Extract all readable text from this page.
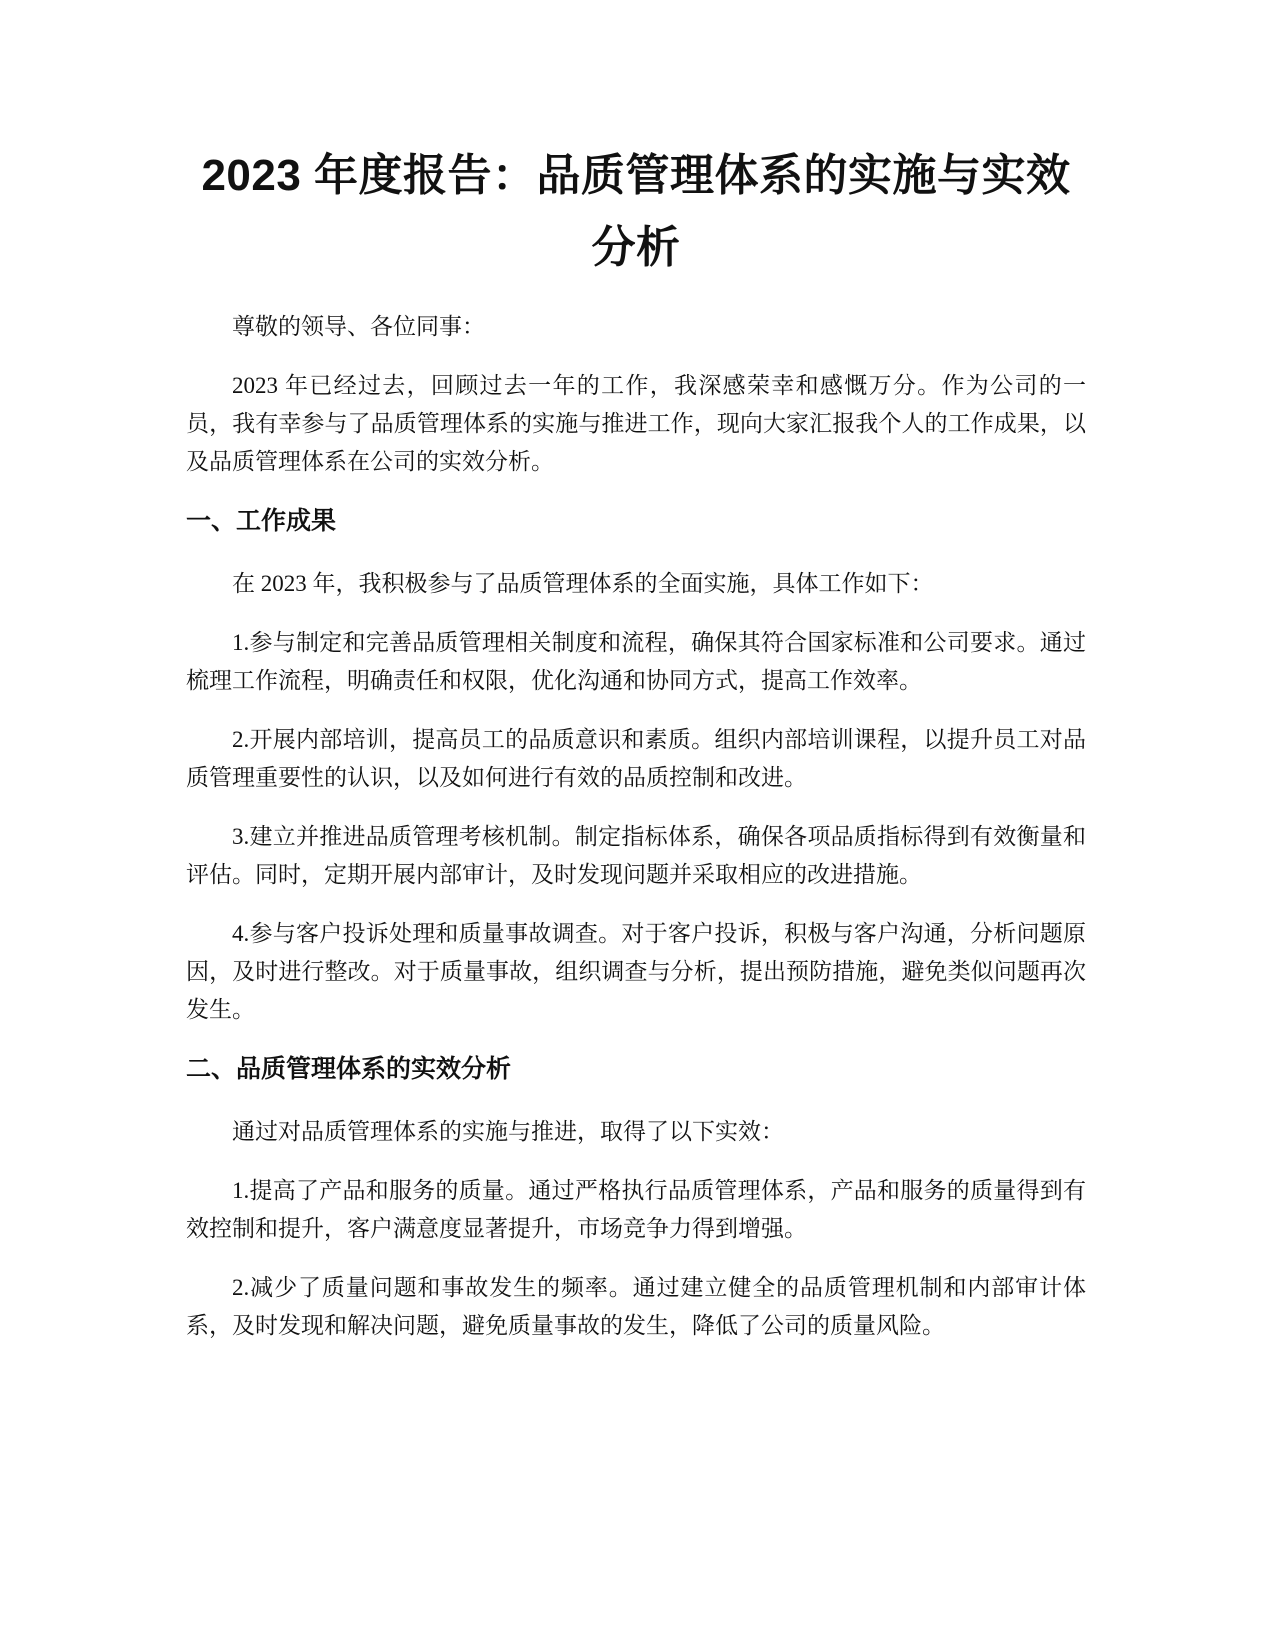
2023 年度报告：品质管理体系的实施与实效分析

尊敬的领导、各位同事：

2023 年已经过去，回顾过去一年的工作，我深感荣幸和感慨万分。作为公司的一员，我有幸参与了品质管理体系的实施与推进工作，现向大家汇报我个人的工作成果，以及品质管理体系在公司的实效分析。

一、工作成果

在 2023 年，我积极参与了品质管理体系的全面实施，具体工作如下：

1.参与制定和完善品质管理相关制度和流程，确保其符合国家标准和公司要求。通过梳理工作流程，明确责任和权限，优化沟通和协同方式，提高工作效率。

2.开展内部培训，提高员工的品质意识和素质。组织内部培训课程，以提升员工对品质管理重要性的认识，以及如何进行有效的品质控制和改进。

3.建立并推进品质管理考核机制。制定指标体系，确保各项品质指标得到有效衡量和评估。同时，定期开展内部审计，及时发现问题并采取相应的改进措施。

4.参与客户投诉处理和质量事故调查。对于客户投诉，积极与客户沟通，分析问题原因，及时进行整改。对于质量事故，组织调查与分析，提出预防措施，避免类似问题再次发生。

二、品质管理体系的实效分析

通过对品质管理体系的实施与推进，取得了以下实效：

1.提高了产品和服务的质量。通过严格执行品质管理体系，产品和服务的质量得到有效控制和提升，客户满意度显著提升，市场竞争力得到增强。

2.减少了质量问题和事故发生的频率。通过建立健全的品质管理机制和内部审计体系，及时发现和解决问题，避免质量事故的发生，降低了公司的质量风险。
